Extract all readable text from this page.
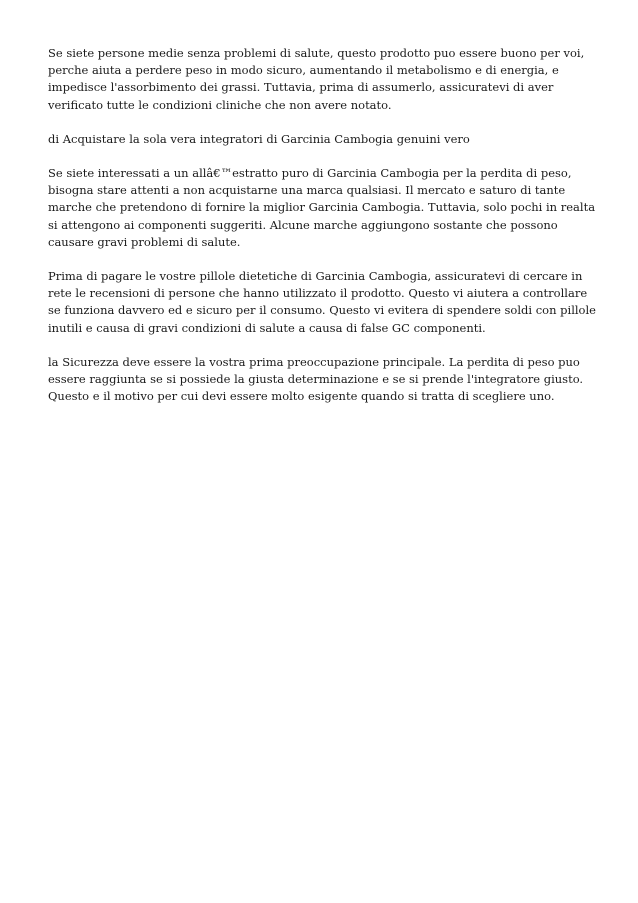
Se siete persone medie senza problemi di salute, questo prodotto puo essere buono per voi, perche aiuta a perdere peso in modo sicuro, aumentando il metabolismo e di energia, e impedisce l'assorbimento dei grassi. Tuttavia, prima di assumerlo, assicuratevi di aver verificato tutte le condizioni cliniche che non avere notato.

di Acquistare la sola vera integratori di Garcinia Cambogia genuini vero

Se siete interessati a un allâ€™estratto puro di Garcinia Cambogia per la perdita di peso, bisogna stare attenti a non acquistarne una marca qualsiasi. Il mercato e saturo di tante marche che pretendono di fornire la miglior Garcinia Cambogia. Tuttavia, solo pochi in realta si attengono ai componenti suggeriti. Alcune marche aggiungono sostante che possono causare gravi problemi di salute.

Prima di pagare le vostre pillole dietetiche di Garcinia Cambogia, assicuratevi di cercare in rete le recensioni di persone che hanno utilizzato il prodotto. Questo vi aiutera a controllare se funziona davvero ed e sicuro per il consumo. Questo vi evitera di spendere soldi con pillole inutili e causa di gravi condizioni di salute a causa di false GC componenti.

la Sicurezza deve essere la vostra prima preoccupazione principale. La perdita di peso puo essere raggiunta se si possiede la giusta determinazione e se si prende l'integratore giusto. Questo e il motivo per cui devi essere molto esigente quando si tratta di scegliere uno.
